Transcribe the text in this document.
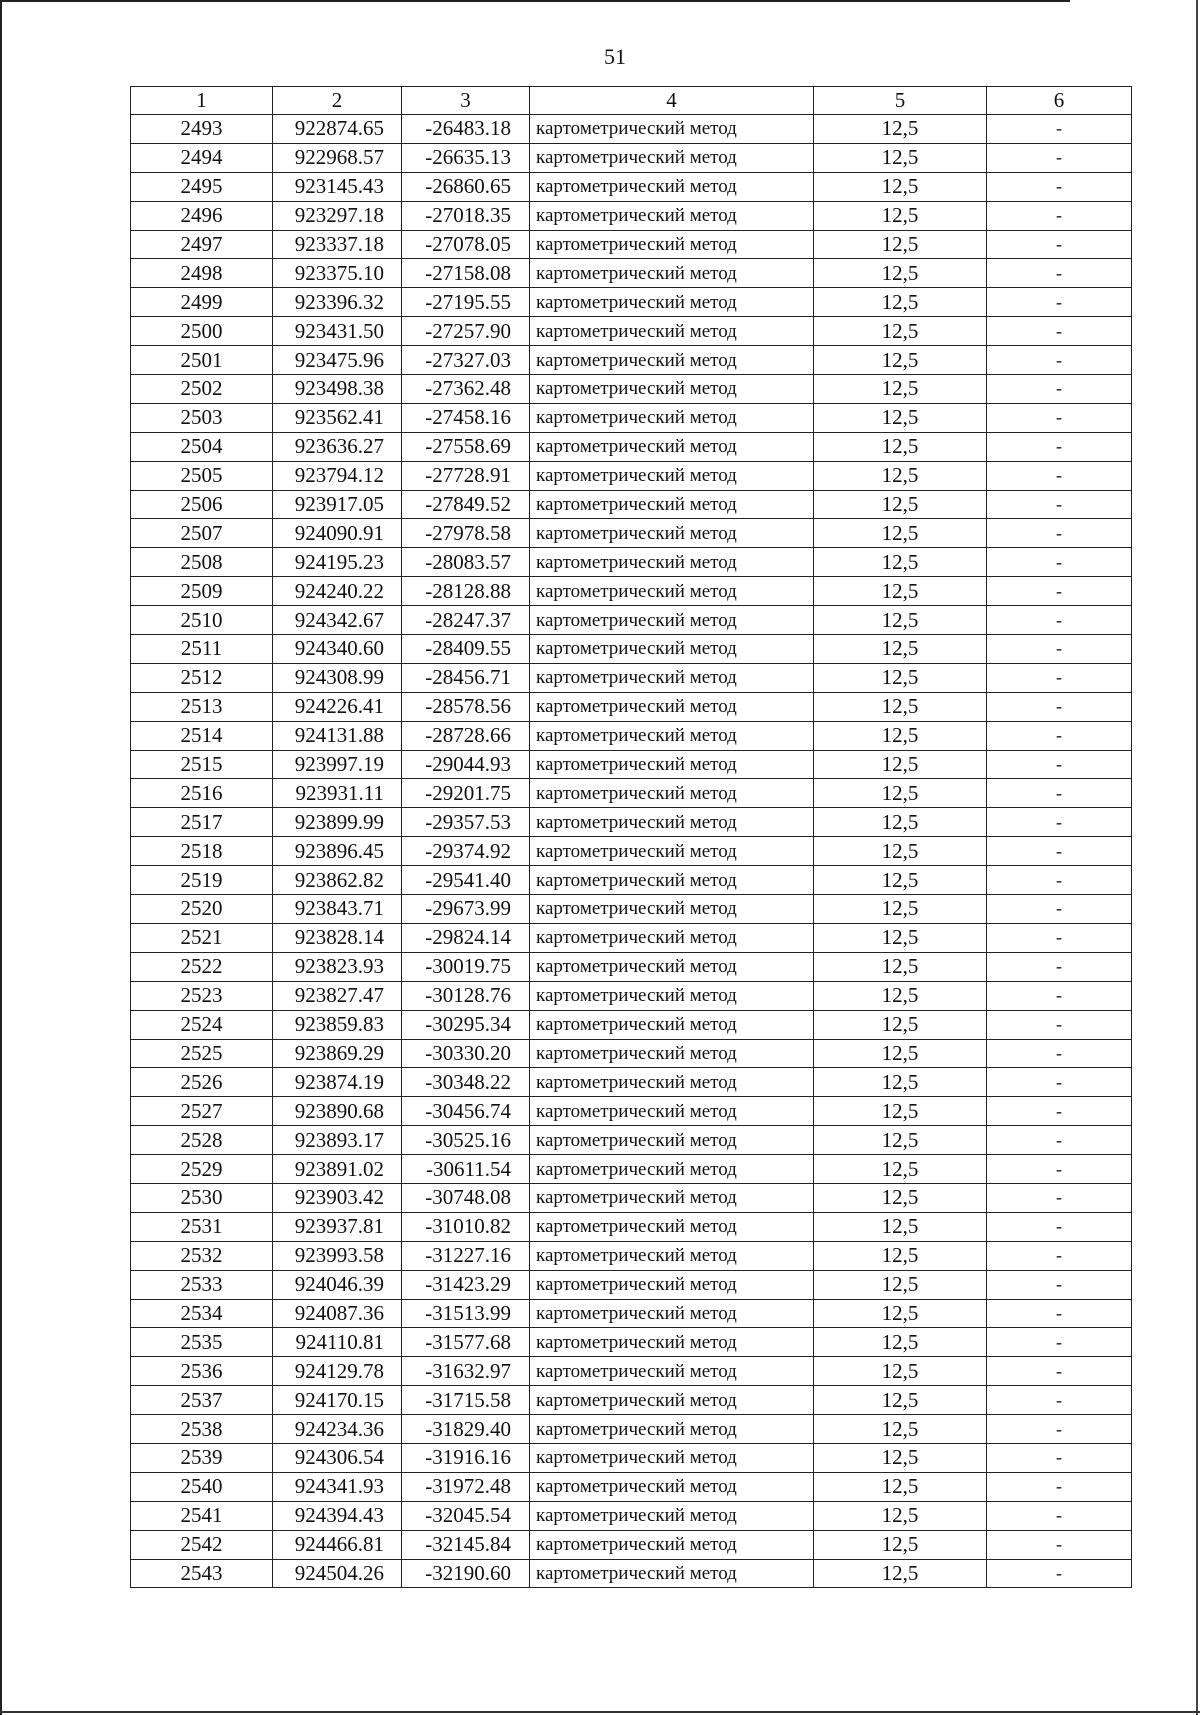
51
1	2	3	4	5	6
2493	922874.65	-26483.18	картометрический метод	12,5	-
2494	922968.57	-26635.13	картометрический метод	12,5	-
2495	923145.43	-26860.65	картометрический метод	12,5	-
2496	923297.18	-27018.35	картометрический метод	12,5	-
2497	923337.18	-27078.05	картометрический метод	12,5	-
2498	923375.10	-27158.08	картометрический метод	12,5	-
2499	923396.32	-27195.55	картометрический метод	12,5	-
2500	923431.50	-27257.90	картометрический метод	12,5	-
2501	923475.96	-27327.03	картометрический метод	12,5	-
2502	923498.38	-27362.48	картометрический метод	12,5	-
2503	923562.41	-27458.16	картометрический метод	12,5	-
2504	923636.27	-27558.69	картометрический метод	12,5	-
2505	923794.12	-27728.91	картометрический метод	12,5	-
2506	923917.05	-27849.52	картометрический метод	12,5	-
2507	924090.91	-27978.58	картометрический метод	12,5	-
2508	924195.23	-28083.57	картометрический метод	12,5	-
2509	924240.22	-28128.88	картометрический метод	12,5	-
2510	924342.67	-28247.37	картометрический метод	12,5	-
2511	924340.60	-28409.55	картометрический метод	12,5	-
2512	924308.99	-28456.71	картометрический метод	12,5	-
2513	924226.41	-28578.56	картометрический метод	12,5	-
2514	924131.88	-28728.66	картометрический метод	12,5	-
2515	923997.19	-29044.93	картометрический метод	12,5	-
2516	923931.11	-29201.75	картометрический метод	12,5	-
2517	923899.99	-29357.53	картометрический метод	12,5	-
2518	923896.45	-29374.92	картометрический метод	12,5	-
2519	923862.82	-29541.40	картометрический метод	12,5	-
2520	923843.71	-29673.99	картометрический метод	12,5	-
2521	923828.14	-29824.14	картометрический метод	12,5	-
2522	923823.93	-30019.75	картометрический метод	12,5	-
2523	923827.47	-30128.76	картометрический метод	12,5	-
2524	923859.83	-30295.34	картометрический метод	12,5	-
2525	923869.29	-30330.20	картометрический метод	12,5	-
2526	923874.19	-30348.22	картометрический метод	12,5	-
2527	923890.68	-30456.74	картометрический метод	12,5	-
2528	923893.17	-30525.16	картометрический метод	12,5	-
2529	923891.02	-30611.54	картометрический метод	12,5	-
2530	923903.42	-30748.08	картометрический метод	12,5	-
2531	923937.81	-31010.82	картометрический метод	12,5	-
2532	923993.58	-31227.16	картометрический метод	12,5	-
2533	924046.39	-31423.29	картометрический метод	12,5	-
2534	924087.36	-31513.99	картометрический метод	12,5	-
2535	924110.81	-31577.68	картометрический метод	12,5	-
2536	924129.78	-31632.97	картометрический метод	12,5	-
2537	924170.15	-31715.58	картометрический метод	12,5	-
2538	924234.36	-31829.40	картометрический метод	12,5	-
2539	924306.54	-31916.16	картометрический метод	12,5	-
2540	924341.93	-31972.48	картометрический метод	12,5	-
2541	924394.43	-32045.54	картометрический метод	12,5	-
2542	924466.81	-32145.84	картометрический метод	12,5	-
2543	924504.26	-32190.60	картометрический метод	12,5	-
